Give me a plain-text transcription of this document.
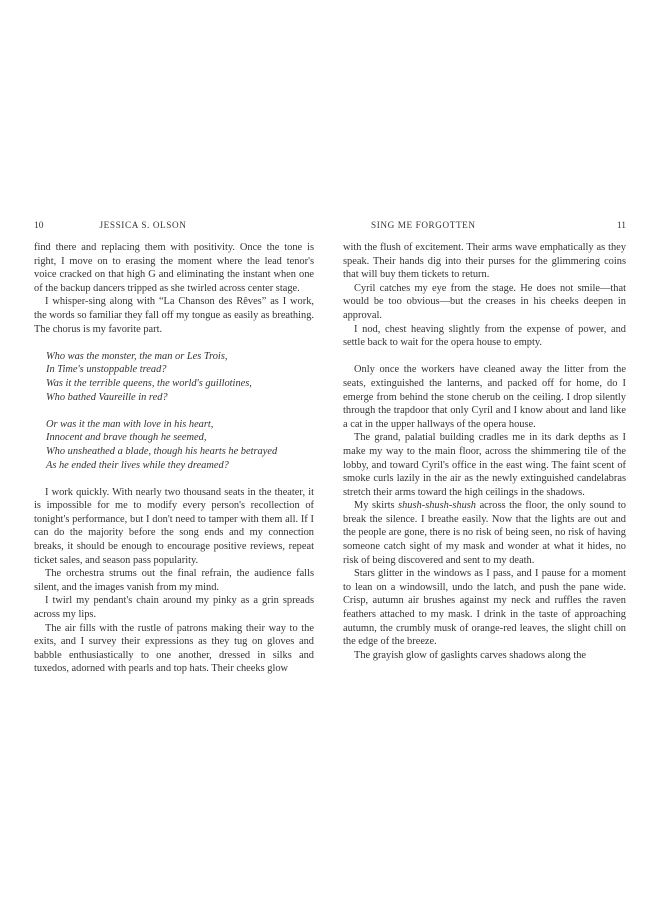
10	JESSICA S. OLSON

find there and replacing them with positivity. Once the tone is right, I move on to erasing the moment where the lead tenor's voice cracked on that high G and eliminating the instant when one of the backup dancers tripped as she twirled across center stage.

I whisper-sing along with “La Chanson des Rêves” as I work, the words so familiar they fall off my tongue as easily as breathing. The chorus is my favorite part.

Who was the monster, the man or Les Trois,
In Time's unstoppable tread?
Was it the terrible queens, the world's guillotines,
Who bathed Vaureille in red?
Or was it the man with love in his heart,
Innocent and brave though he seemed,
Who unsheathed a blade, though his hearts he betrayed
As he ended their lives while they dreamed?

I work quickly. With nearly two thousand seats in the theater, it is impossible for me to modify every person's recollection of tonight's performance, but I don't need to tamper with them all. If I can do the majority before the song ends and my connection breaks, it should be enough to encourage positive reviews, repeat ticket sales, and season pass popularity.

The orchestra strums out the final refrain, the audience falls silent, and the images vanish from my mind.

I twirl my pendant's chain around my pinky as a grin spreads across my lips.

The air fills with the rustle of patrons making their way to the exits, and I survey their expressions as they tug on gloves and babble enthusiastically to one another, dressed in silks and tuxedos, adorned with pearls and top hats. Their cheeks glow

SING ME FORGOTTEN	11

with the flush of excitement. Their arms wave emphatically as they speak. Their hands dig into their purses for the glimmering coins that will buy them tickets to return.

Cyril catches my eye from the stage. He does not smile—that would be too obvious—but the creases in his cheeks deepen in approval.

I nod, chest heaving slightly from the expense of power, and settle back to wait for the opera house to empty.

Only once the workers have cleaned away the litter from the seats, extinguished the lanterns, and packed off for home, do I emerge from behind the stone cherub on the ceiling. I drop silently through the trapdoor that only Cyril and I know about and land like a cat in the upper hallways of the opera house.

The grand, palatial building cradles me in its dark depths as I make my way to the main floor, across the shimmering tile of the lobby, and toward Cyril's office in the east wing. The faint scent of smoke curls lazily in the air as the newly extinguished candelabras stretch their arms toward the high ceilings in the shadows.

My skirts shush-shush-shush across the floor, the only sound to break the silence. I breathe easily. Now that the lights are out and the people are gone, there is no risk of being seen, no risk of having someone catch sight of my mask and wonder at what it hides, no risk of being discovered and sent to my death.

Stars glitter in the windows as I pass, and I pause for a moment to lean on a windowsill, undo the latch, and push the pane wide. Crisp, autumn air brushes against my neck and ruffles the raven feathers attached to my mask. I drink in the taste of approaching autumn, the crumbly musk of orange-red leaves, the slight chill on the edge of the breeze.

The grayish glow of gaslights carves shadows along the
